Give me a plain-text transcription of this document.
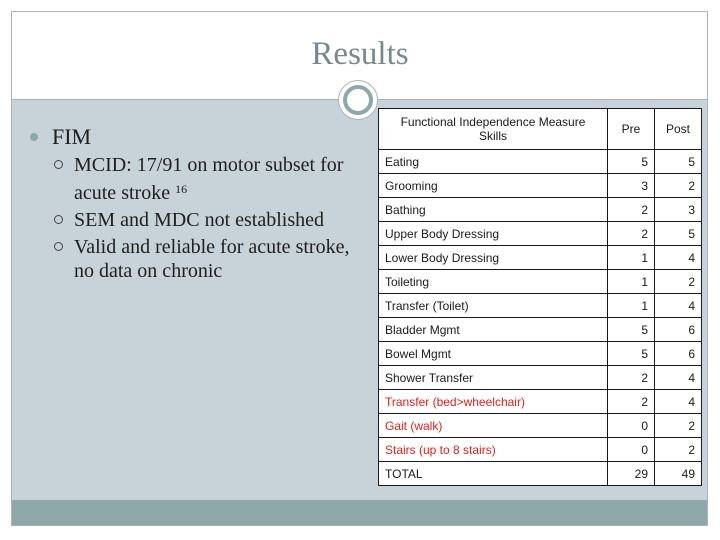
Results
FIM
MCID: 17/91 on motor subset for acute stroke $^{16}$
SEM and MDC not established
Valid and reliable for acute stroke, no data on chronic
Functional Independence Measure Skills	Pre	Post
Eating	5	5
Grooming	3	2
Bathing	2	3
Upper Body Dressing	2	5
Lower Body Dressing	1	4
Toileting	1	2
Transfer (Toilet)	1	4
Bladder Mgmt	5	6
Bowel Mgmt	5	6
Shower Transfer	2	4
Transfer (bed>wheelchair)	2	4
Gait (walk)	0	2
Stairs (up to 8 stairs)	0	2
TOTAL	29	49
